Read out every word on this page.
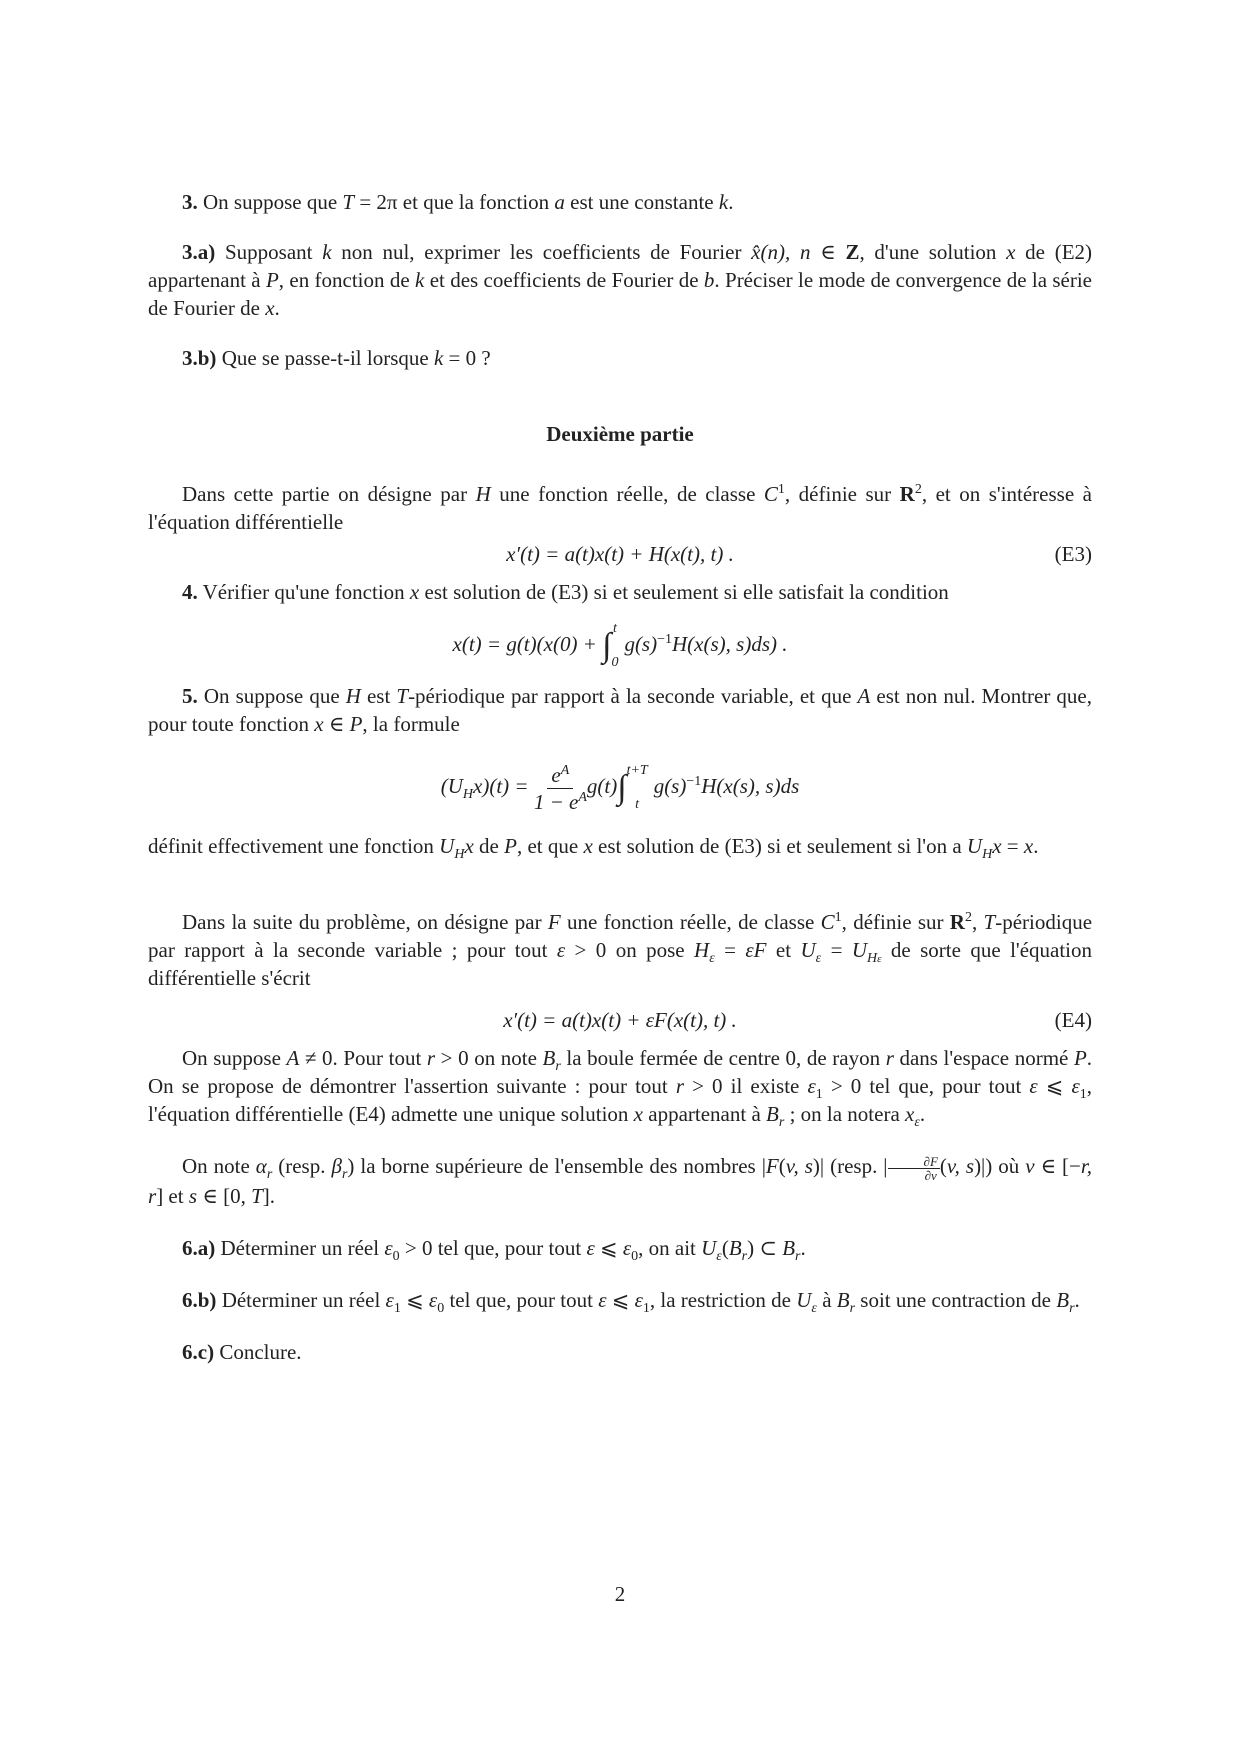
3. On suppose que T = 2π et que la fonction a est une constante k.

3.a) Supposant k non nul, exprimer les coefficients de Fourier x̂(n), n ∈ Z, d'une solution x de (E2) appartenant à P, en fonction de k et des coefficients de Fourier de b. Préciser le mode de convergence de la série de Fourier de x.

3.b) Que se passe-t-il lorsque k = 0 ?

Deuxième partie

Dans cette partie on désigne par H une fonction réelle, de classe $C^1$, définie sur $R^2$, et on s'intéresse à l'équation différentielle

x′(t) = a(t)x(t) + H(x(t), t) .	(E3)

4. Vérifier qu'une fonction x est solution de (E3) si et seulement si elle satisfait la condition

x(t) = g(t)(x(0) + ∫ t
0
$g(s)^{-1}H(x(s)$, s)ds) .

5. On suppose que H est T-périodique par rapport à la seconde variable, et que A est non nul. Montrer que, pour toute fonction x ∈ P, la formule

$(U_Hx)(t) = \frac{e^A}{1 - e^A} g(t)\int$ t+T
t
$g(s)^{-1}H(x(s)$, s)ds

définit effectivement une fonction $U_Hx$ de P, et que x est solution de (E3) si et seulement si l'on a $U_Hx = x$.

Dans la suite du problème, on désigne par F une fonction réelle, de classe $C^1$, définie sur $R^2$, T-périodique par rapport à la seconde variable ; pour tout ε > 0 on pose $H_\varepsilon = \varepsilon F$ et $U_\varepsilon = U_{H\varepsilon}$ de sorte que l'équation différentielle s'écrit

x′(t) = a(t)x(t) + εF(x(t), t) .	(E4)

On suppose A ≠ 0. Pour tout r > 0 on note $B_r$ la boule fermée de centre 0, de rayon r dans l'espace normé P. On se propose de démontrer l'assertion suivante : pour tout r > 0 il existe $\varepsilon_1 > 0$ tel que, pour tout ε ⩽ $\varepsilon_1$, l'équation différentielle (E4) admette une unique solution x appartenant à $B_r$ ; on la notera $x_\varepsilon$.

On note $\alpha_r$ (resp. $\beta_r$) la borne supérieure de l'ensemble des nombres |F(v, s)| (resp. | $\frac{\partial F}{\partial v} (v$, s)|) où v ∈ [−r, r] et s ∈ [0, T].

6.a) Déterminer un réel $\varepsilon_0 > 0$ tel que, pour tout ε ⩽ $\varepsilon_0$, on ait $U_\varepsilon(B_r)$ ⊂ $B_r$.

6.b) Déterminer un réel $\varepsilon_1$ ⩽ $\varepsilon_0$ tel que, pour tout ε ⩽ $\varepsilon_1$, la restriction de $U_\varepsilon$ à $B_r$ soit une contraction de $B_r$.

6.c) Conclure.

2
